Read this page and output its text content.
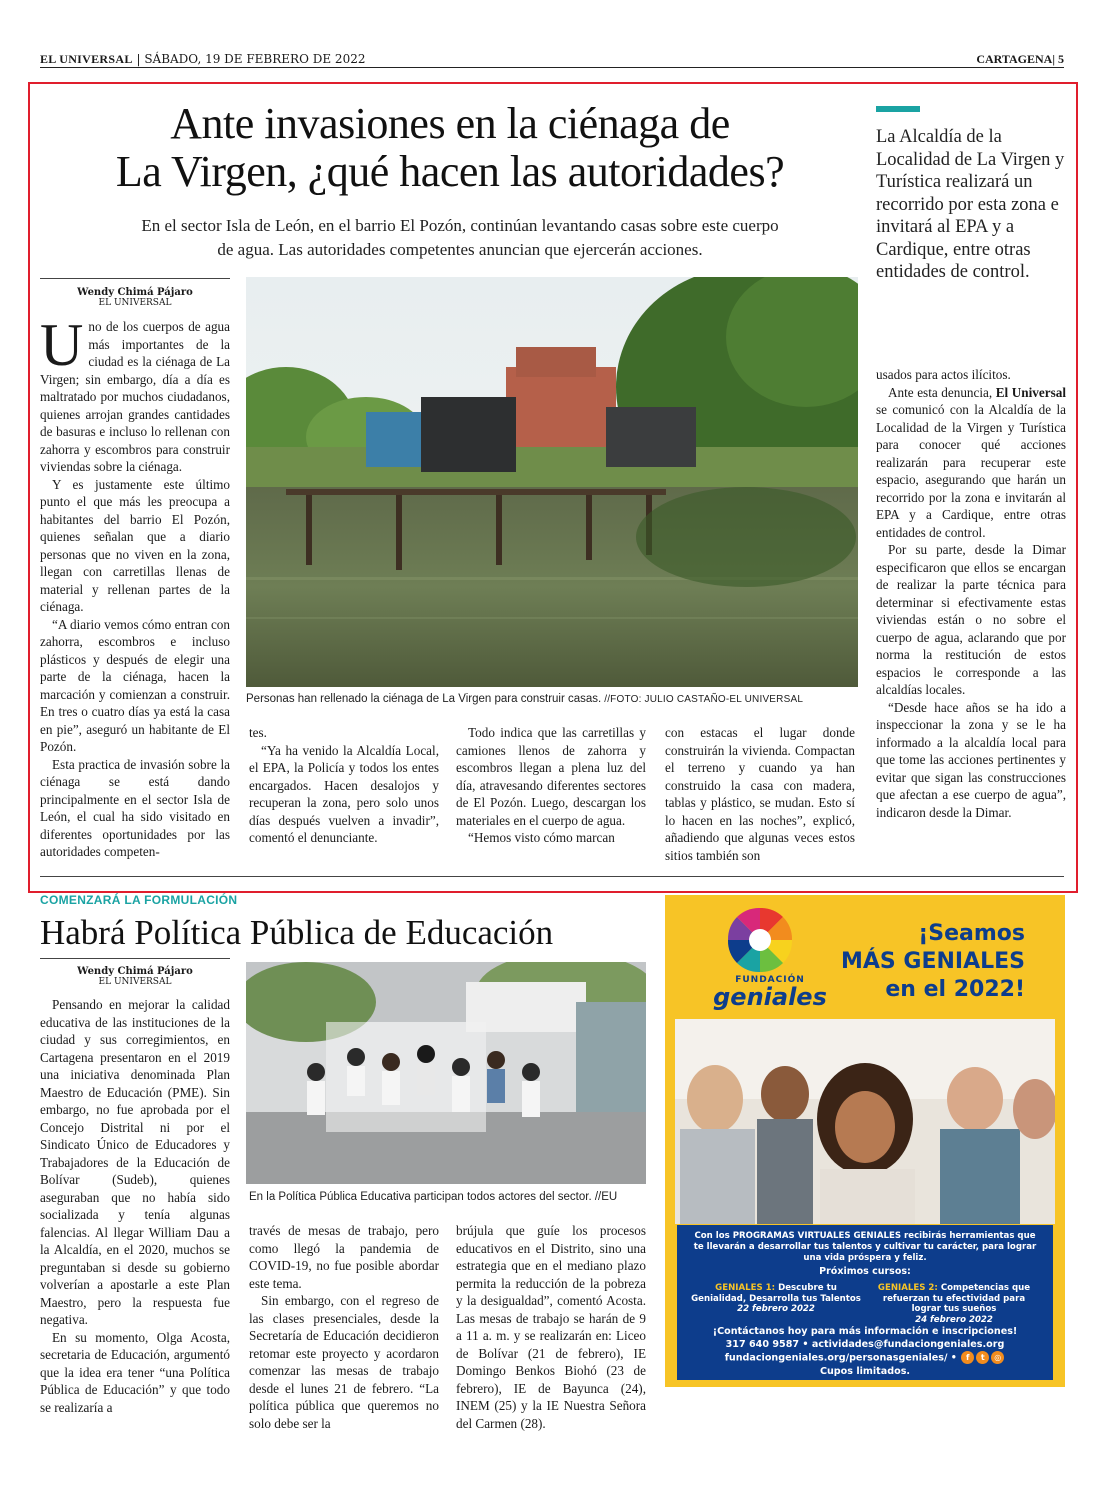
EL UNIVERSAL | SÁBADO, 19 DE FEBRERO DE 2022	CARTAGENA| 5
Ante invasiones en la ciénaga de
La Virgen, ¿qué hacen las autoridades?
En el sector Isla de León, en el barrio El Pozón, continúan levantando casas sobre este cuerpo
de agua. Las autoridades competentes anuncian que ejercerán acciones.
La Alcaldía de la Localidad de La Virgen y Turística realizará un recorrido por esta zona e invitará al EPA y a Cardique, entre otras entidades de control.
Wendy Chimá Pájaro
EL UNIVERSAL
Personas han rellenado la ciénaga de La Virgen para construir casas. //FOTO: JULIO CASTAÑO-EL UNIVERSAL

Uno de los cuerpos de agua más importantes de la ciudad es la ciénaga de La Virgen; sin embargo, día a día es maltratado por muchos ciudadanos, quienes arrojan grandes cantidades de basuras e incluso lo rellenan con zahorra y escombros para construir viviendas sobre la ciénaga.

Y es justamente este último punto el que más les preocupa a habitantes del barrio El Pozón, quienes señalan que a diario personas que no viven en la zona, llegan con carretillas llenas de material y rellenan partes de la ciénaga.

“A diario vemos cómo entran con zahorra, escombros e incluso plásticos y después de elegir una parte de la ciénaga, hacen la marcación y comienzan a construir. En tres o cuatro días ya está la casa en pie”, aseguró un habitante de El Pozón.

Esta practica de invasión sobre la ciénaga se está dando principalmente en el sector Isla de León, el cual ha sido visitado en diferentes oportunidades por las autoridades competen-

tes.

“Ya ha venido la Alcaldía Local, el EPA, la Policía y todos los entes encargados. Hacen desalojos y recuperan la zona, pero solo unos días después vuelven a invadir”, comentó el denunciante.

Todo indica que las carretillas y camiones llenos de zahorra y escombros llegan a plena luz del día, atravesando diferentes sectores de El Pozón. Luego, descargan los materiales en el cuerpo de agua.

“Hemos visto cómo marcan

con estacas el lugar donde construirán la vivienda. Compactan el terreno y cuando ya han construido la casa con madera, tablas y plástico, se mudan. Esto sí lo hacen en las noches”, explicó, añadiendo que algunas veces estos sitios también son

usados para actos ilícitos.

Ante esta denuncia, El Universal se comunicó con la Alcaldía de la Localidad de la Virgen y Turística para conocer qué acciones realizarán para recuperar este espacio, asegurando que harán un recorrido por la zona e invitarán al EPA y a Cardique, entre otras entidades de control.

Por su parte, desde la Dimar especificaron que ellos se encargan de realizar la parte técnica para determinar si efectivamente estas viviendas están o no sobre el cuerpo de agua, aclarando que por norma la restitución de estos espacios le corresponde a las alcaldías locales.

“Desde hace años se ha ido a inspeccionar la zona y se le ha informado a la alcaldía local para que tome las acciones pertinentes y evitar que sigan las construcciones que afectan a ese cuerpo de agua”, indicaron desde la Dimar.

COMENZARÁ LA FORMULACIÓN
Habrá Política Pública de Educación
Wendy Chimá Pájaro
EL UNIVERSAL
En la Política Pública Educativa participan todos actores del sector. //EU

Pensando en mejorar la calidad educativa de las instituciones de la ciudad y sus corregimientos, en Cartagena presentaron en el 2019 una iniciativa denominada Plan Maestro de Educación (PME). Sin embargo, no fue aprobada por el Concejo Distrital ni por el Sindicato Único de Educadores y Trabajadores de la Educación de Bolívar (Sudeb), quienes aseguraban que no había sido socializada y tenía algunas falencias. Al llegar William Dau a la Alcaldía, en el 2020, muchos se preguntaban si desde su gobierno volverían a apostarle a este Plan Maestro, pero la respuesta fue negativa.

En su momento, Olga Acosta, secretaria de Educación, argumentó que la idea era tener “una Política Pública de Educación” y que todo se realizaría a

través de mesas de trabajo, pero como llegó la pandemia de COVID-19, no fue posible abordar este tema.

Sin embargo, con el regreso de las clases presenciales, desde la Secretaría de Educación decidieron retomar este proyecto y acordaron comenzar las mesas de trabajo desde el lunes 21 de febrero. “La política pública que queremos no solo debe ser la

brújula que guíe los procesos educativos en el Distrito, sino una estrategia que en el mediano plazo permita la reducción de la pobreza y la desigualdad”, comentó Acosta. Las mesas de trabajo se harán de 9 a 11 a. m. y se realizarán en: Liceo de Bolívar (21 de febrero), IE Domingo Benkos Biohó (23 de febrero), IE de Bayunca (24), INEM (25) y la IE Nuestra Señora del Carmen (28).

FUNDACIÓN
geniales
¡Seamos
MÁS GENIALES
en el 2022!
Con los PROGRAMAS VIRTUALES GENIALES recibirás herramientas que te llevarán a desarrollar tus talentos y cultivar tu carácter, para lograr una vida próspera y feliz.
Próximos cursos:
GENIALES 1: Descubre tu Genialidad, Desarrolla tus Talentos
22 febrero 2022
GENIALES 2: Competencias que refuerzan tu efectividad para lograr tus sueños
24 febrero 2022
¡Contáctanos hoy para más información e inscripciones!
317 640 9587 • actividades@fundaciongeniales.org
fundaciongeniales.org/personasgeniales/ • f t ◎
Cupos limitados.
